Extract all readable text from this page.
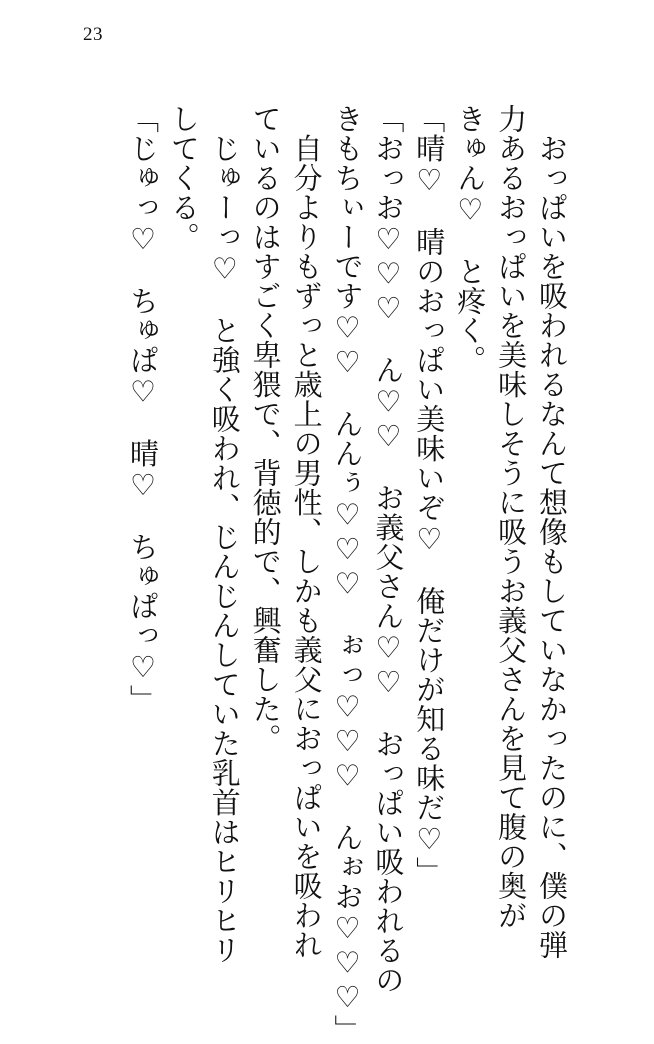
23
　おっぱいを吸われるなんて想像もしていなかったのに、僕の弾
力あるおっぱいを美味しそうに吸うお義父さんを見て腹の奥が
きゅん♡　と疼く。
「晴♡　晴のおっぱい美味いぞ♡　俺だけが知る味だ♡」
「おっお♡♡♡　ん♡♡　お義父さん♡♡　おっぱい吸われるの
きもちぃーです♡♡　んんぅ♡♡♡　ぉっ♡♡♡　んぉお♡♡♡」
　自分よりもずっと歳上の男性、しかも義父におっぱいを吸われ
ているのはすごく卑猥で、背徳的で、興奮した。
　じゅーっ♡　と強く吸われ、じんじんしていた乳首はヒリヒリ
してくる。
「じゅっ♡　ちゅぱ♡　晴♡　ちゅぱっ♡」
